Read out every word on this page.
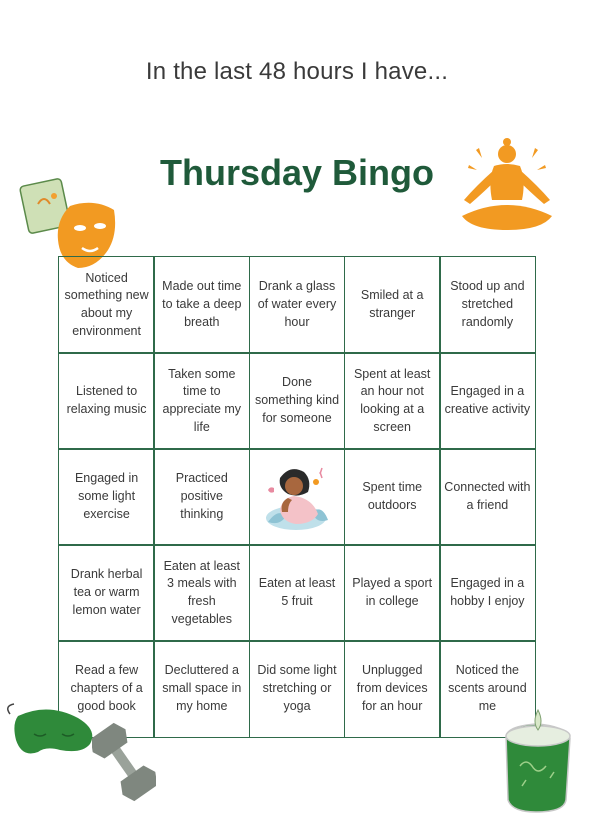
In the last 48 hours I have...
Thursday Bingo
Noticed something new about my environment
Made out time to take a deep breath
Drank a glass of water every hour
Smiled at a stranger
Stood up and stretched randomly
Listened to relaxing music
Taken some time to appreciate my life
Done something kind for someone
Spent at least an hour not looking at a screen
Engaged in a creative activity
Engaged in some light exercise
Practiced positive thinking
Spent time outdoors
Connected with a friend
Drank herbal tea or warm lemon water
Eaten at least 3 meals with fresh vegetables
Eaten at least 5 fruit
Played a sport in college
Engaged in a hobby I enjoy
Read a few chapters of a good book
Decluttered a small space in my home
Did some light stretching or yoga
Unplugged from devices for an hour
Noticed the scents around me
